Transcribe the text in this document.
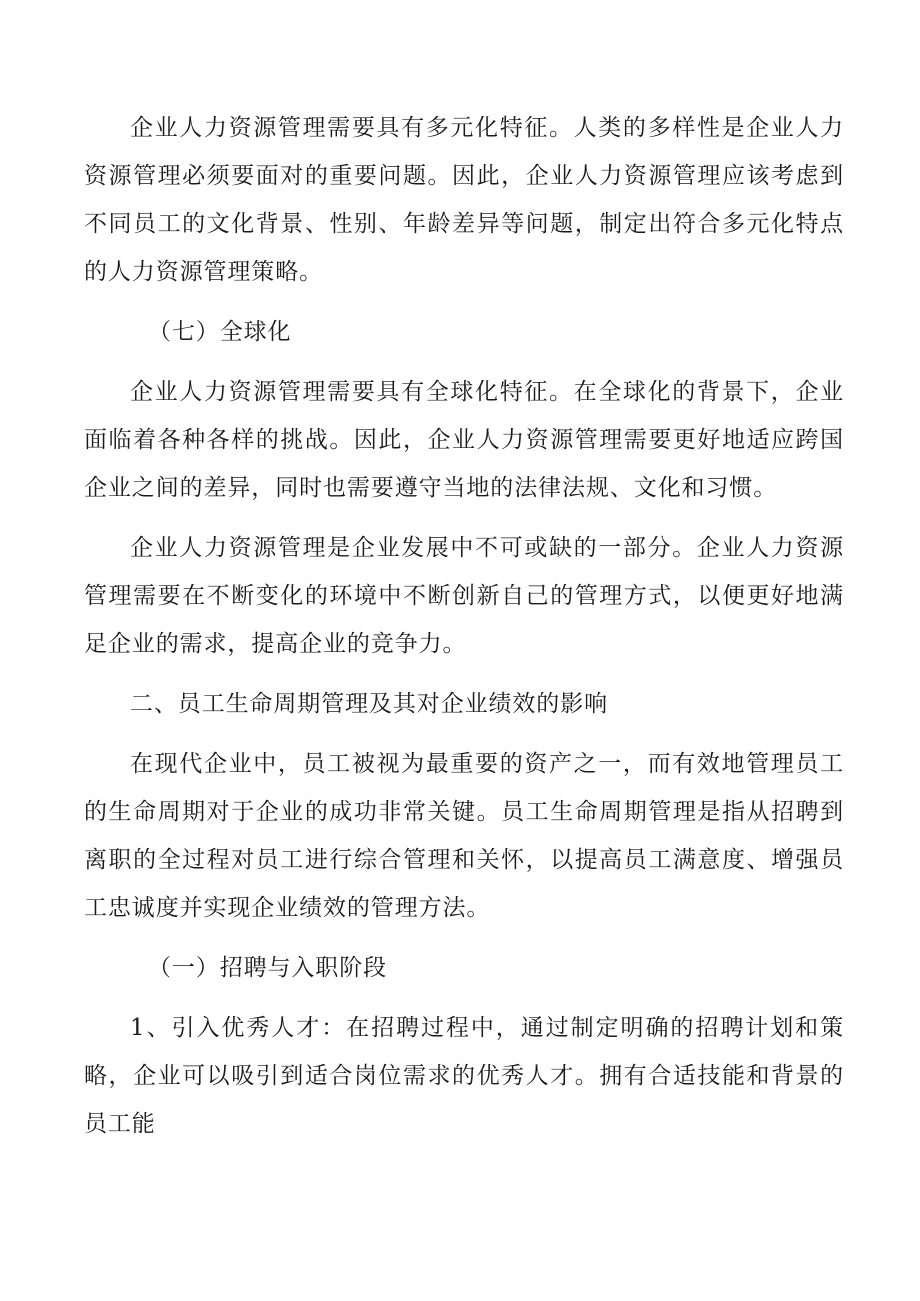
企业人力资源管理需要具有多元化特征。人类的多样性是企业人力资源管理必须要面对的重要问题。因此，企业人力资源管理应该考虑到不同员工的文化背景、性别、年龄差异等问题，制定出符合多元化特点的人力资源管理策略。

（七）全球化

企业人力资源管理需要具有全球化特征。在全球化的背景下，企业面临着各种各样的挑战。因此，企业人力资源管理需要更好地适应跨国企业之间的差异，同时也需要遵守当地的法律法规、文化和习惯。

企业人力资源管理是企业发展中不可或缺的一部分。企业人力资源管理需要在不断变化的环境中不断创新自己的管理方式，以便更好地满足企业的需求，提高企业的竞争力。

二、员工生命周期管理及其对企业绩效的影响

在现代企业中，员工被视为最重要的资产之一，而有效地管理员工的生命周期对于企业的成功非常关键。员工生命周期管理是指从招聘到离职的全过程对员工进行综合管理和关怀，以提高员工满意度、增强员工忠诚度并实现企业绩效的管理方法。

（一）招聘与入职阶段

1、引入优秀人才：在招聘过程中，通过制定明确的招聘计划和策略，企业可以吸引到适合岗位需求的优秀人才。拥有合适技能和背景的员工能
